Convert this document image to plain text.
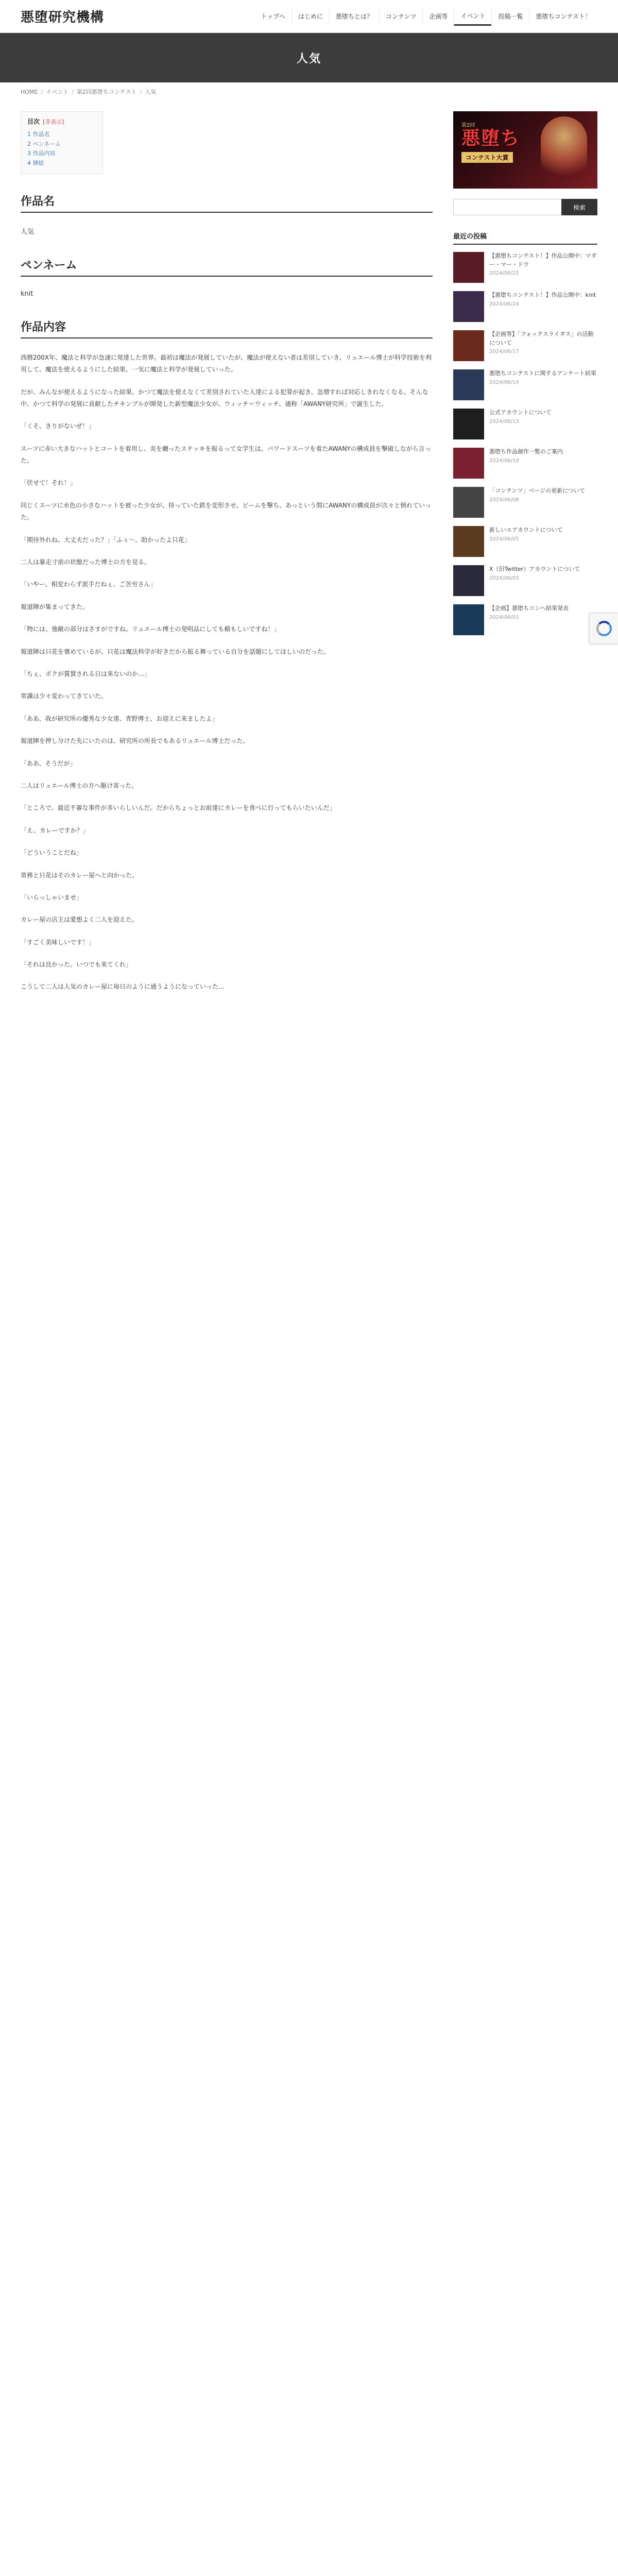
悪堕研究機構	トップへ	はじめに	悪堕ちとは？	コンテンツ	企画等	イベント	投稿一覧	悪堕ちコンテスト！
人気
HOME / イベント / 第2回悪堕ちコンテスト / 人気
目次 [非表示]
1 作品名
2 ペンネーム
3 作品内容
4 挿絵
作品名

人気

ペンネーム

knit

作品内容

西暦200X年、魔法と科学が急速に発達した世界。最初は魔法が発展していたが、魔法が使えない者は差別していき、リュエール博士が科学技術を利用して、魔法を使えるようにした結果、一気に魔法と科学が発展していった。

だが、みんなが使えるようになった結果、かつて魔法を使えなくて差別されていた人達による犯罪が起き、急増すれば対応しきれなくなる。そんな中、かつて科学の発展に貢献したチキンブルが開発した新型魔法少女が、ウィッチ＝ウィッチ、通称「AWANY研究所」で誕生した。

「くそ、きりがないぜ！」

スーツに赤い大きなハットとコートを着用し、炎を纏ったステッキを振るって女学生は、パワードスーツを着たAWANYの構成員を撃破しながら言った。

「伏せて！それ！」

同じくスーツに水色の小さなハットを被った少女が、持っていた鉄を変形させ、ビームを撃ち、あっという間にAWANYの構成員が次々と倒れていった。

「期待外れね、大丈夫だった？」「ふぅ～、助かったよ只花」

二人は暴走寸前の状態だった博士の方を見る。

「いやー、相変わらず派手だねぇ、ご苦労さん」

報道陣が集まってきた。

「物には、強敵の部分はさすがですね。リュエール博士の発明品にしても頼もしいですね！」

報道陣は只花を褒めているが、只花は魔法科学が好きだから振る舞っている自分を話題にしてほしいのだった。

「ちぇ、ボクが賞賛される日は来ないのか…」

常識は少々変わってきていた。

「ああ、我が研究所の優秀な少女達、青野博士、お迎えに来ましたよ」

報道陣を押し分けた先にいたのは、研究所の所長でもあるリュエール博士だった。

「ああ、そうだが」

二人はリュエール博士の方へ駆け寄った。

「ところで、最近不審な事件が多いらしいんだ。だからちょっとお前達にカレーを食べに行ってもらいたいんだ」

「え、カレーですか？」

「どういうことだね」

常務と只花はそのカレー屋へと向かった。

「いらっしゃいませ」

カレー屋の店主は愛想よく二人を迎えた。

「すごく美味しいです！」

「それは良かった。いつでも来てくれ」

こうして二人は人気のカレー屋に毎日のように通うようになっていった…

第2回
悪堕ち
コンテスト大賞
検索
最近の投稿
【悪堕ちコンテスト！】作品公開中：マダー・マー・ドウ
2024/06/22
【悪堕ちコンテスト！】作品公開中：knit
2024/06/24
【企画等】「フォックスライダス」の活動について
2024/06/17
悪堕ちコンテストに関するアンケート結果
2024/06/14
公式アカウントについて
2024/06/13
悪堕ち作品創作一覧のご案内
2024/06/10
「コンテンツ」ページの更新について
2024/06/08
新しいエアカウントについて
2024/06/05
X（旧Twitter）アカウントについて
2024/06/03
【企画】悪堕ちコンへ結果発表
2024/06/01
